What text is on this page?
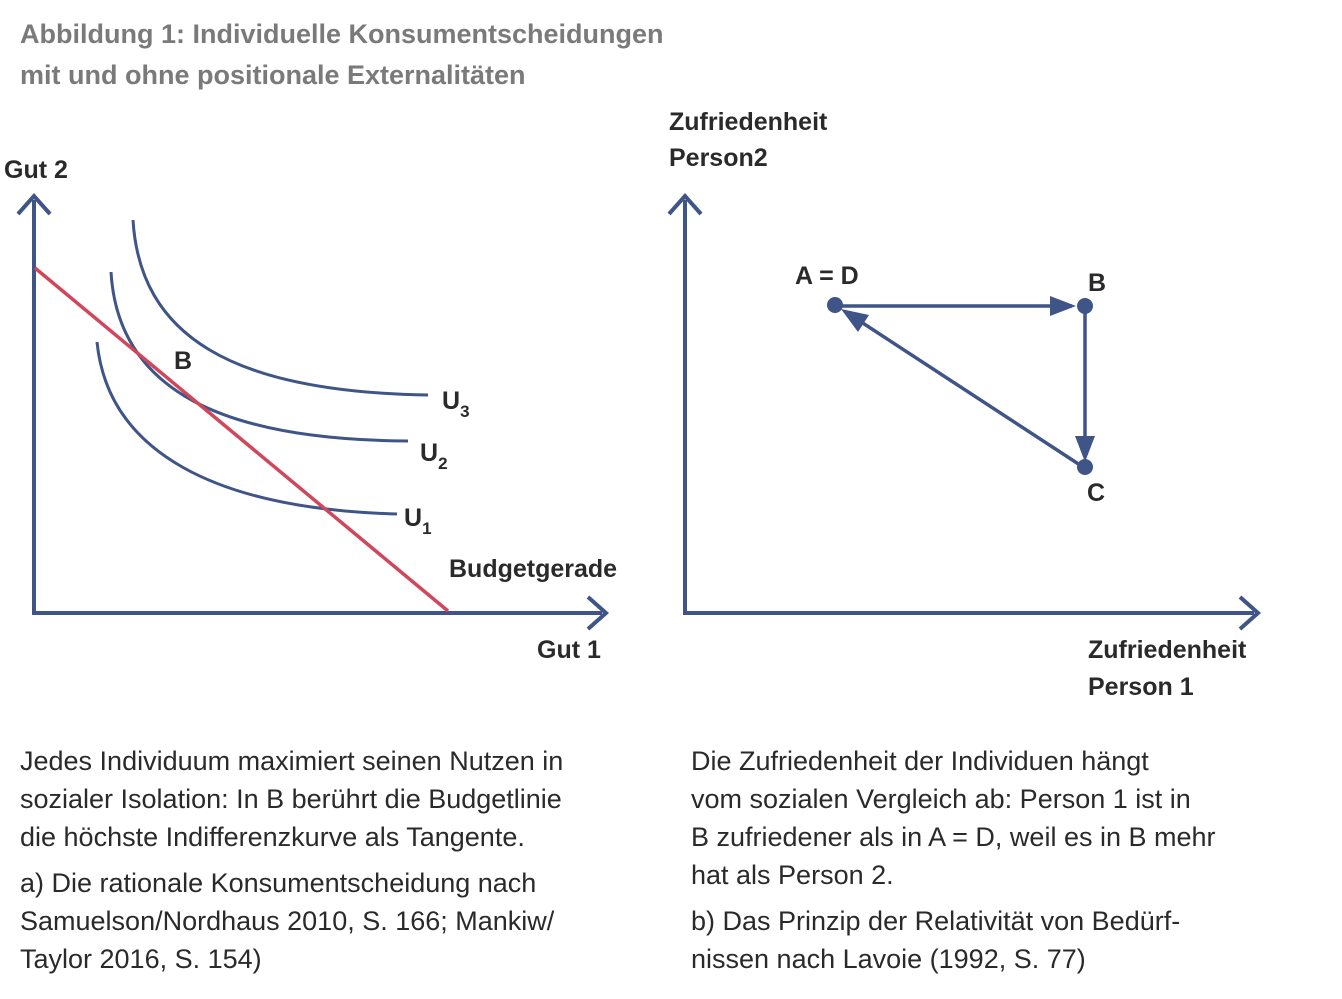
Abbildung 1: Individuelle Konsumentscheidungen
mit und ohne positionale Externalitäten
Gut 2
Gut 1
Budgetgerade
B
$U_3$
$U_2$
$U_1$
Zufriedenheit
Person2
Zufriedenheit
Person 1
A = D	B
C

Jedes Individuum maximiert seinen Nutzen in
sozialer Isolation: In B berührt die Budgetlinie
die höchste Indifferenzkurve als Tangente.

a) Die rationale Konsumentscheidung nach
Samuelson/Nordhaus 2010, S. 166; Mankiw/
Taylor 2016, S. 154)

Die Zufriedenheit der Individuen hängt
vom sozialen Vergleich ab: Person 1 ist in
B zufriedener als in A = D, weil es in B mehr
hat als Person 2.

b) Das Prinzip der Relativität von Bedürf-
nissen nach Lavoie (1992, S. 77)
